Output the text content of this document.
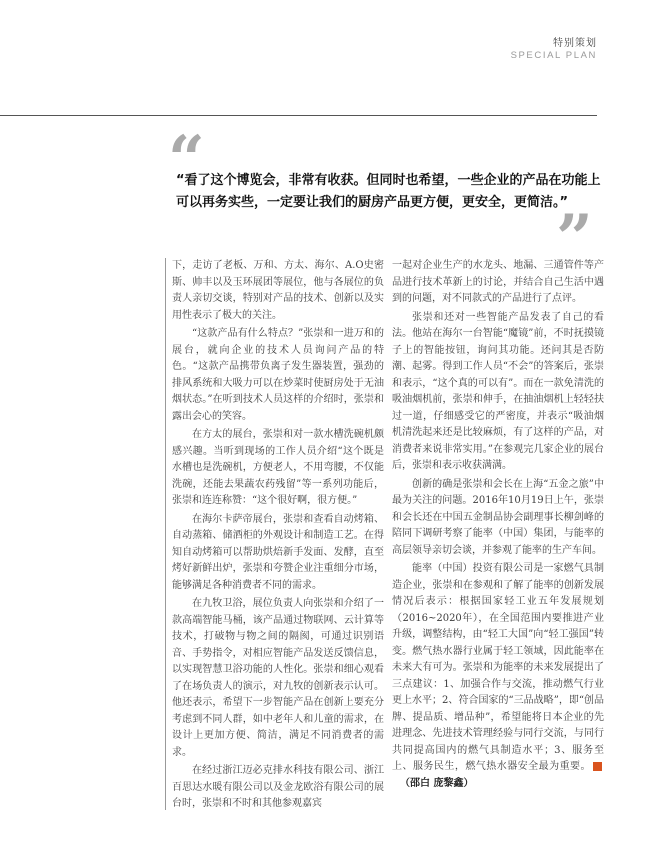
特别策划
SPECIAL PLAN
“
“看了这个博览会，非常有收获。但同时也希望，一些企业的产品在功能上可以再务实些，一定要让我们的厨房产品更方便，更安全，更简洁。”
”

下，走访了老板、万和、方太、海尔、A.O史密斯、帅丰以及玉环展团等展位，他与各展位的负责人亲切交谈，特别对产品的技术、创新以及实用性表示了极大的关注。

“这款产品有什么特点？”张崇和一进万和的展台，就向企业的技术人员询问产品的特色。“这款产品携带负离子发生器装置，强劲的排风系统和大吸力可以在炒菜时使厨房处于无油烟状态。”在听到技术人员这样的介绍时，张崇和露出会心的笑容。

在方太的展台，张崇和对一款水槽洗碗机颇感兴趣。当听到现场的工作人员介绍“这个既是水槽也是洗碗机，方便老人，不用弯腰，不仅能洗碗，还能去果蔬农药残留”等一系列功能后，张崇和连连称赞：“这个很好啊，很方便。”

在海尔卡萨帝展台，张崇和查看自动烤箱、自动蒸箱、储酒柜的外观设计和制造工艺。在得知自动烤箱可以帮助烘焙新手发面、发酵，直至烤好新鲜出炉，张崇和夸赞企业注重细分市场，能够满足各种消费者不同的需求。

在九牧卫浴，展位负责人向张崇和介绍了一款高端智能马桶，该产品通过物联网、云计算等技术，打破物与物之间的隔阂，可通过识别语音、手势指令，对相应智能产品发送反馈信息，以实现智慧卫浴功能的人性化。张崇和细心观看了在场负责人的演示，对九牧的创新表示认可。他还表示，希望下一步智能产品在创新上要充分考虑到不同人群，如中老年人和儿童的需求，在设计上更加方便、简洁，满足不同消费者的需求。

在经过浙江迈必克排水科技有限公司、浙江百思达水暖有限公司以及金龙欧浴有限公司的展台时，张崇和不时和其他参观嘉宾

一起对企业生产的水龙头、地漏、三通管件等产品进行技术革新上的讨论，并结合自己生活中遇到的问题，对不同款式的产品进行了点评。

张崇和还对一些智能产品发表了自己的看法。他站在海尔一台智能“魔镜”前，不时抚摸镜子上的智能按钮，询问其功能。还问其是否防潮、起雾。得到工作人员“不会”的答案后，张崇和表示，“这个真的可以有”。而在一款免清洗的吸油烟机前，张崇和伸手，在抽油烟机上轻轻扶过一道，仔细感受它的严密度，并表示“吸油烟机清洗起来还是比较麻烦，有了这样的产品，对消费者来说非常实用。”在参观完几家企业的展台后，张崇和表示收获满满。

创新的确是张崇和会长在上海“五金之旅”中最为关注的问题。2016年10月19日上午，张崇和会长还在中国五金制品协会副理事长柳剑峰的陪同下调研考察了能率（中国）集团，与能率的高层领导亲切会谈，并参观了能率的生产车间。

能率（中国）投资有限公司是一家燃气具制造企业，张崇和在参观和了解了能率的创新发展情况后表示：根据国家轻工业五年发展规划（2016~2020年），在全国范围内要推进产业升级，调整结构，由“轻工大国”向“轻工强国”转变。燃气热水器行业属于轻工领域，因此能率在未来大有可为。张崇和为能率的未来发展提出了三点建议：1、加强合作与交流，推动燃气行业更上水平；2、符合国家的“三品战略”，即“创品牌、提品质、增品种”，希望能将日本企业的先进理念、先进技术管理经验与同行交流，与同行共同提高国内的燃气具制造水平；3、服务至上、服务民生，燃气热水器安全最为重要。	■（邵白 庞黎鑫）
